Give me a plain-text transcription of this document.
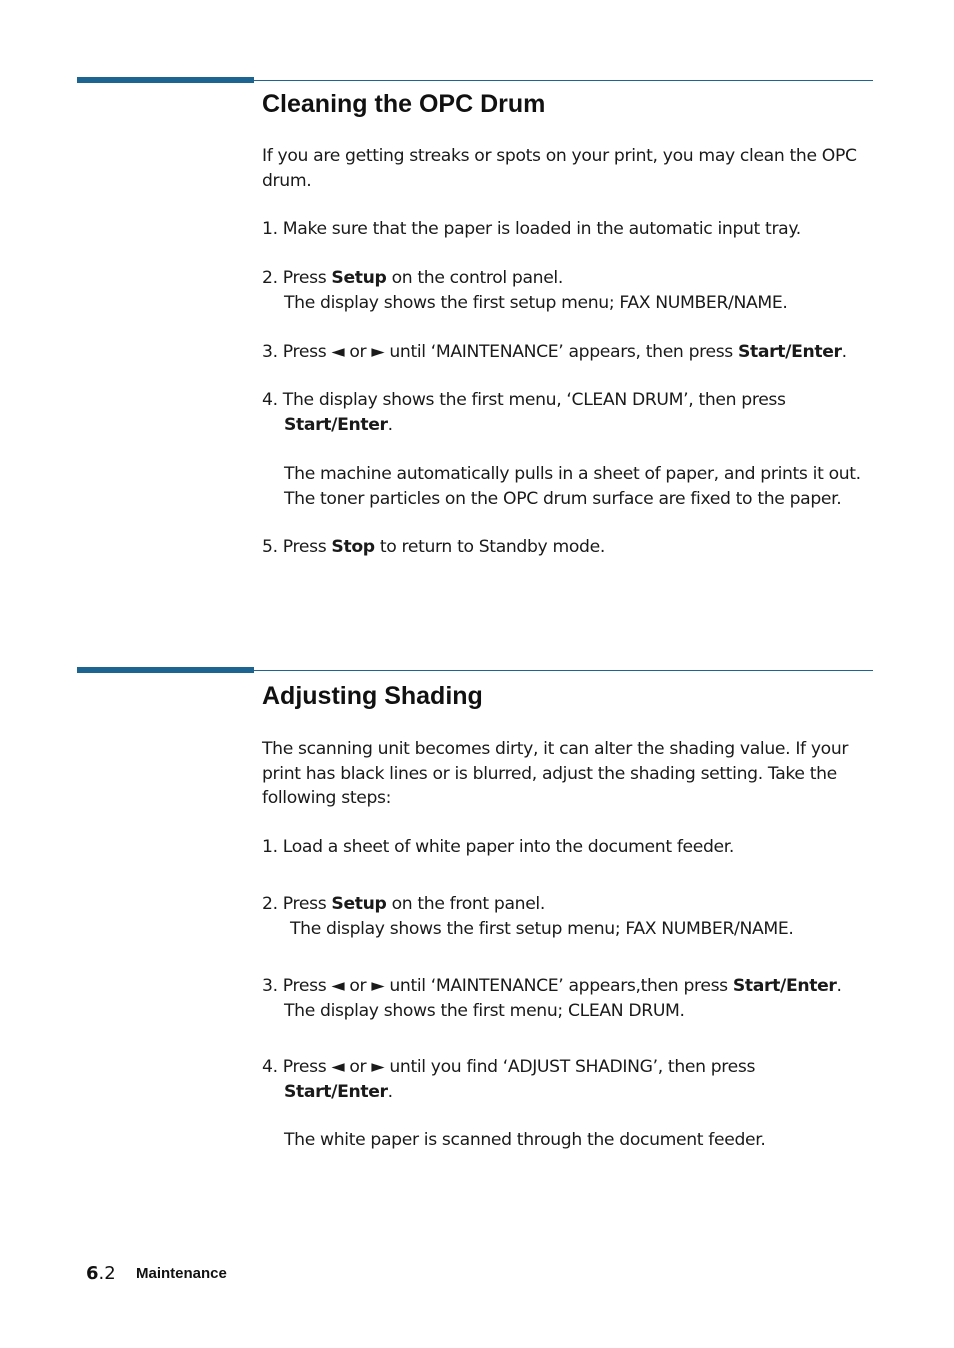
Cleaning the OPC Drum

If you are getting streaks or spots on your print, you may clean the OPC
drum.

1. Make sure that the paper is loaded in the automatic input tray.

2. Press Setup on the control panel.
The display shows the first setup menu; FAX NUMBER/NAME.

3. Press ◄ or ► until ‘MAINTENANCE’ appears, then press Start/Enter.

4. The display shows the first menu, ‘CLEAN DRUM’, then press
Start/Enter.

The machine automatically pulls in a sheet of paper, and prints it out.
The toner particles on the OPC drum surface are fixed to the paper.

5. Press Stop to return to Standby mode.

Adjusting Shading

The scanning unit becomes dirty, it can alter the shading value. If your
print has black lines or is blurred, adjust the shading setting. Take the
following steps:

1. Load a sheet of white paper into the document feeder.

2. Press Setup on the front panel.
The display shows the first setup menu; FAX NUMBER/NAME.

3. Press ◄ or ► until ‘MAINTENANCE’ appears,then press Start/Enter.
The display shows the first menu; CLEAN DRUM.

4. Press ◄ or ► until you find ‘ADJUST SHADING’, then press
Start/Enter.

The white paper is scanned through the document feeder.

6.2 Maintenance
